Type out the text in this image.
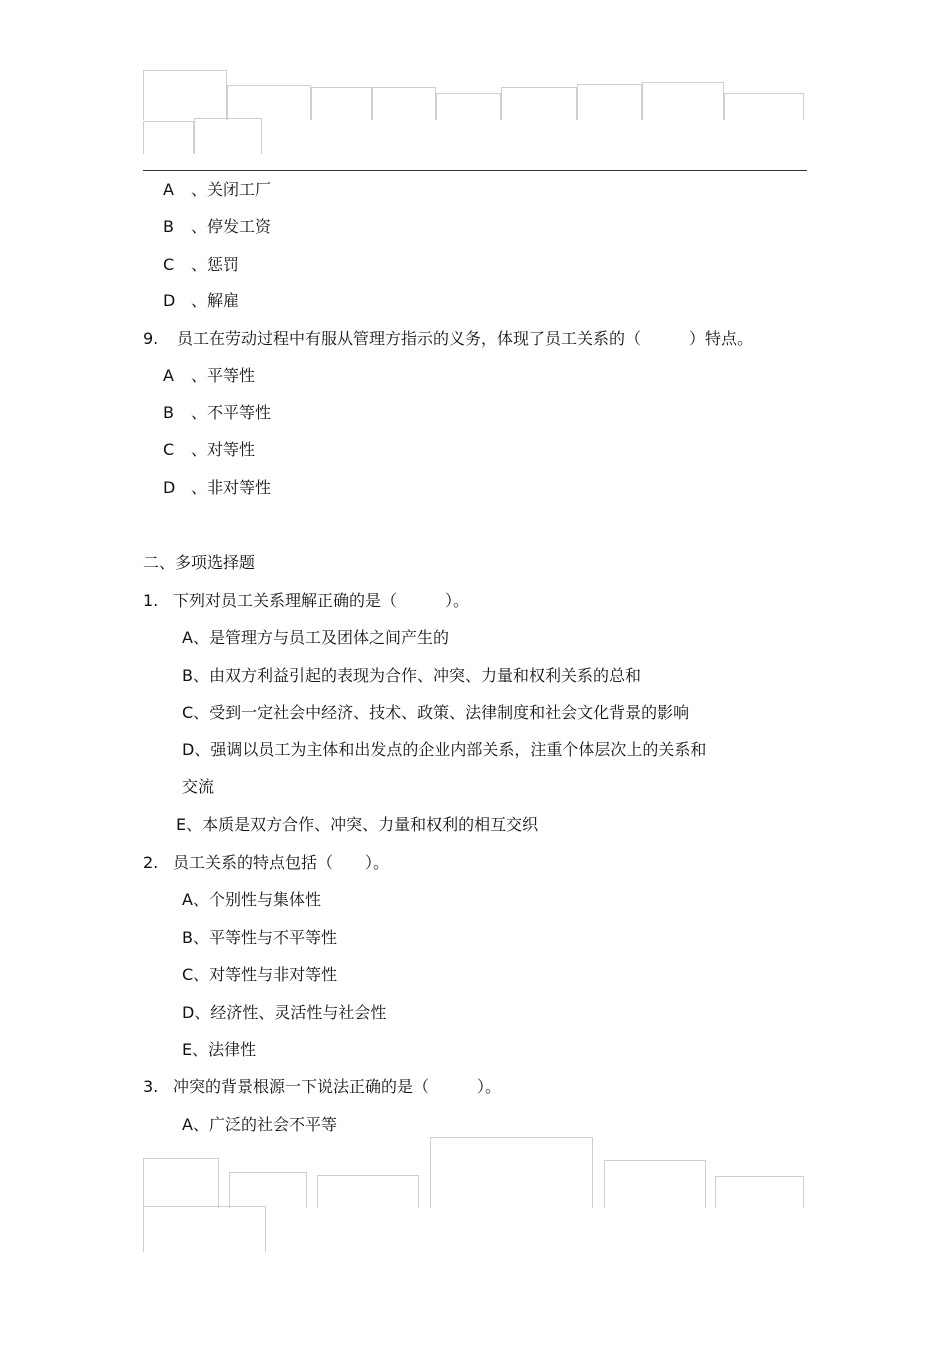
A 、关闭工厂
B 、停发工资
C 、惩罚
D 、解雇
9. 员工在劳动过程中有服从管理方指示的义务，体现了员工关系的（　　　）特点。
A 、平等性
B 、不平等性
C 、对等性
D 、非对等性
二、多项选择题
1. 下列对员工关系理解正确的是（　　　）。
A、是管理方与员工及团体之间产生的
B、由双方利益引起的表现为合作、冲突、力量和权利关系的总和
C、受到一定社会中经济、技术、政策、法律制度和社会文化背景的影响
D、强调以员工为主体和出发点的企业内部关系，注重个体层次上的关系和
交流
E、本质是双方合作、冲突、力量和权利的相互交织
2. 员工关系的特点包括（　　）。
A、个别性与集体性
B、平等性与不平等性
C、对等性与非对等性
D、经济性、灵活性与社会性
E、法律性
3. 冲突的背景根源一下说法正确的是（　　　）。
A、广泛的社会不平等
